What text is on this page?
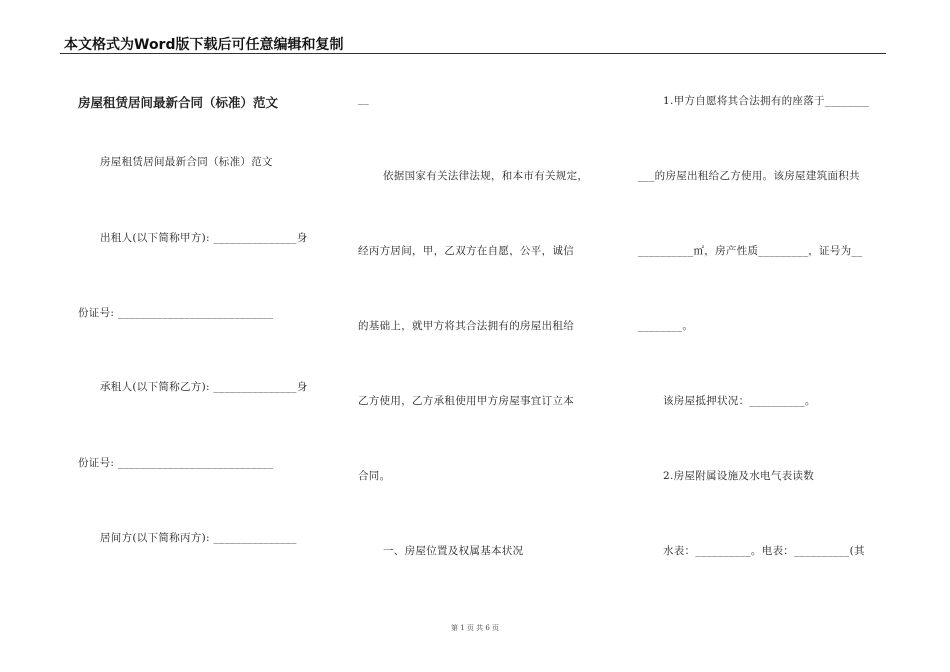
本文格式为Word版下载后可任意编辑和复制
房屋租赁居间最新合同（标准）范文
房屋租赁居间最新合同（标准）范文
出租人(以下简称甲方): _______________身
份证号: ____________________________
承租人(以下简称乙方): _______________身
份证号: ____________________________
居间方(以下简称丙方): _______________
__
依据国家有关法律法规，和本市有关规定，
经丙方居间，甲，乙双方在自愿，公平，诚信
的基础上，就甲方将其合法拥有的房屋出租给
乙方使用，乙方承租使用甲方房屋事宜订立本
合同。
一、房屋位置及权属基本状况
1.甲方自愿将其合法拥有的座落于________
___的房屋出租给乙方使用。该房屋建筑面积共
__________㎡，房产性质_________，证号为__
________。
该房屋抵押状况：__________。
2.房屋附属设施及水电气表读数
水表：__________。电表：__________(其
第 1 页 共 6 页
